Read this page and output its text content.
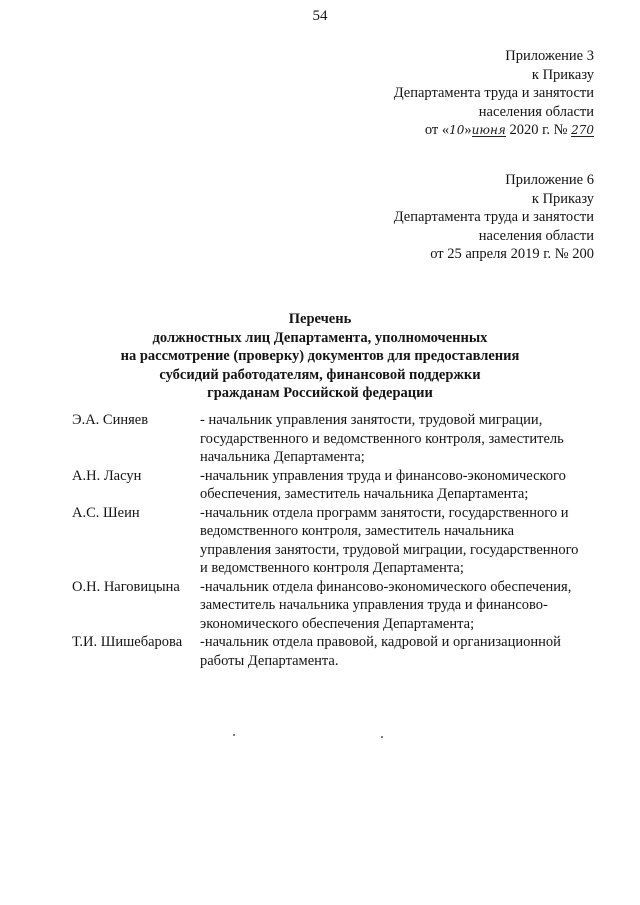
54
Приложение 3
к Приказу
Департамента труда и занятости
населения области
от «10»июня 2020 г. № 270
Приложение 6
к Приказу
Департамента труда и занятости
населения области
от 25 апреля 2019 г. № 200
Перечень
должностных лиц Департамента, уполномоченных
на рассмотрение (проверку) документов для предоставления
субсидий работодателям, финансовой поддержки
гражданам Российской федерации
Э.А. Синяев	- начальник управления занятости, трудовой миграции, государственного и ведомственного контроля, заместитель начальника Департамента;
А.Н. Ласун	-начальник управления труда и финансово-экономического обеспечения, заместитель начальника Департамента;
А.С. Шеин	-начальник отдела программ занятости, государственного и ведомственного контроля, заместитель начальника управления занятости, трудовой миграции, государственного и ведомственного контроля Департамента;
О.Н. Наговицына	-начальник отдела финансово-экономического обеспечения, заместитель начальника управления труда и финансово-экономического обеспечения Департамента;
Т.И. Шишебарова	-начальник отдела правовой, кадровой и организационной работы Департамента.
